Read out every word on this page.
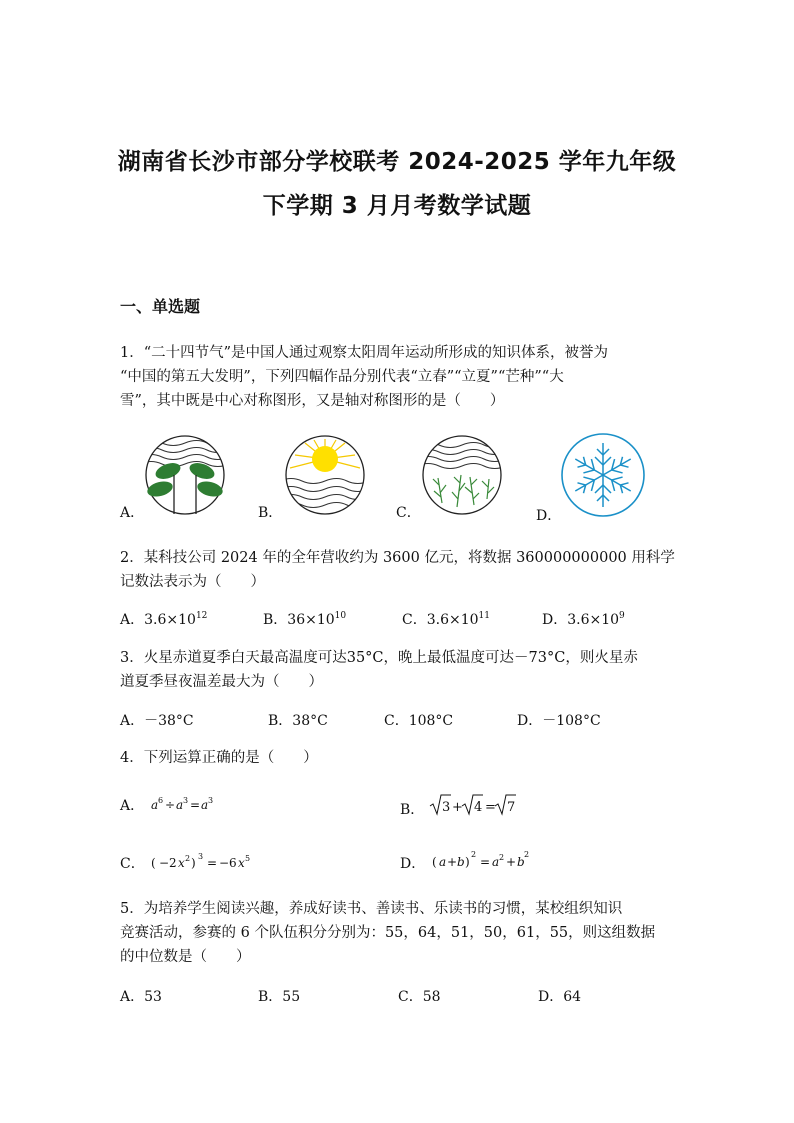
湖南省长沙市部分学校联考 2024-2025 学年九年级
下学期 3 月月考数学试题
一、单选题
1．“二十四节气”是中国人通过观察太阳周年运动所形成的知识体系，被誉为
“中国的第五大发明”，下列四幅作品分别代表“立春”“立夏”“芒种”“大
雪”，其中既是中心对称图形，又是轴对称图形的是（　　）
A．	B．	C．	D．
2．某科技公司 2024 年的全年营收约为 3600 亿元，将数据 360000000000 用科学
记数法表示为（　　）
A．$3.6\times 10^{12}$	B．$36\times 10^{10}$	C．$3.6\times 10^{11}$	D．$3.6\times 10^9$
3．火星赤道夏季白天最高温度可达35°C，晚上最低温度可达－73°C，则火星赤
道夏季昼夜温差最大为（　　）
A．－38°C	B．38°C	C．108°C	D．－108°C
4．下列运算正确的是（　　）
A． a 6 ÷ a 3 = a 3
B． 3 + 4 = 7
C． ( −2 x 2 ) 3 = −6 x 5	D． ( a + b )
2
= a 2 + b
2
5．为培养学生阅读兴趣，养成好读书、善读书、乐读书的习惯，某校组织知识
竞赛活动，参赛的 6 个队伍积分分别为：55，64，51，50，61，55，则这组数据
的中位数是（　　）
A．53	B．55	C．58	D．64
